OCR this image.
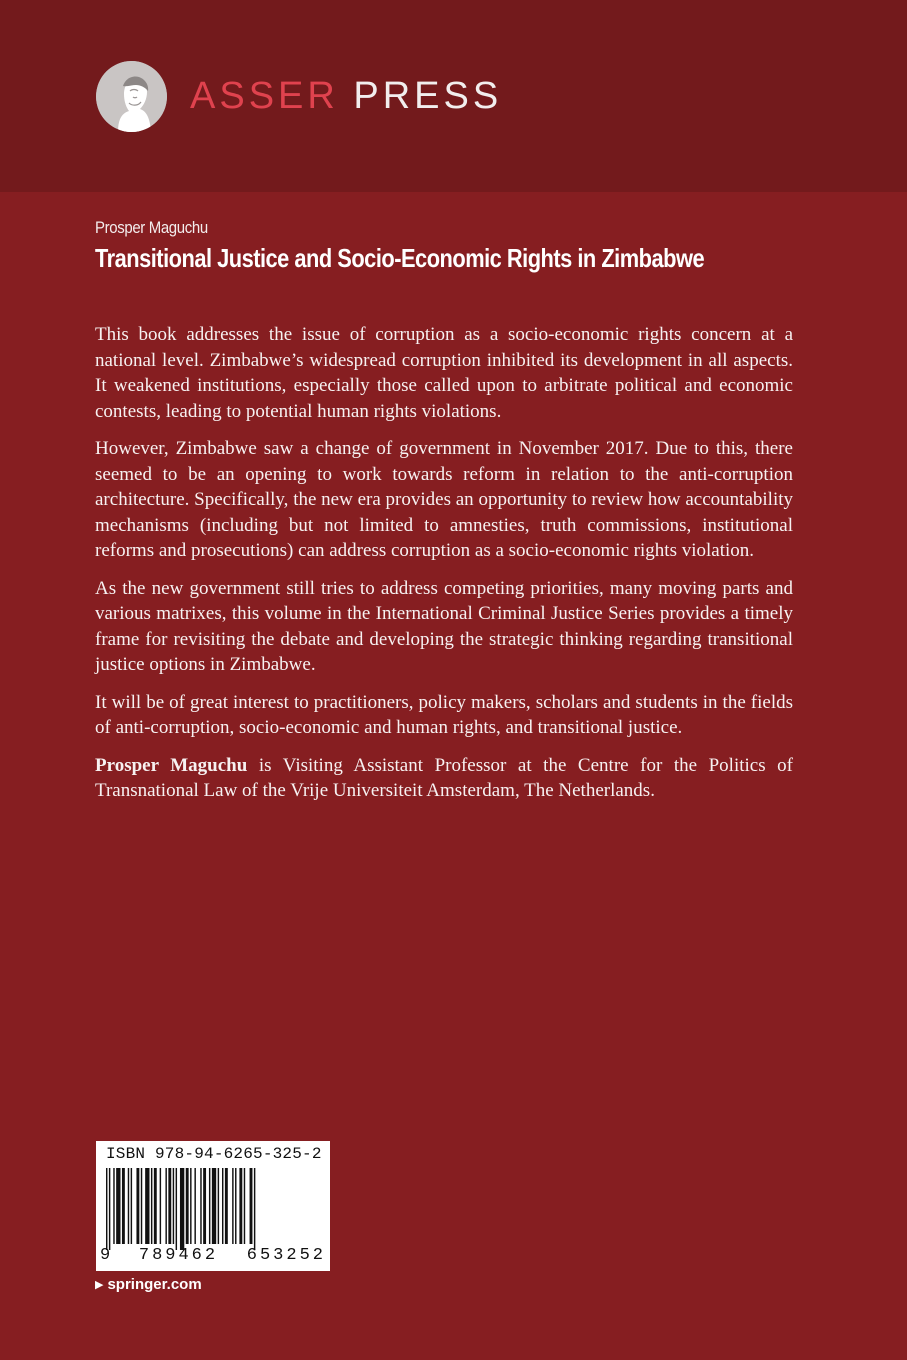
ASSER PRESS
Prosper Maguchu
Transitional Justice and Socio-Economic Rights in Zimbabwe

This book addresses the issue of corruption as a socio-economic rights concern at a national level. Zimbabwe’s widespread corruption inhibited its development in all aspects. It weakened institutions, especially those called upon to arbitrate political and economic contests, leading to potential human rights violations.

However, Zimbabwe saw a change of government in November 2017. Due to this, there seemed to be an opening to work towards reform in relation to the anti-corruption architecture. Specifically, the new era provides an opportunity to review how accountability mechanisms (including but not limited to amnesties, truth commissions, institutional reforms and prosecutions) can address corruption as a socio-economic rights violation.

As the new government still tries to address competing priorities, many moving parts and various matrixes, this volume in the International Criminal Justice Series provides a timely frame for revisiting the debate and developing the strategic thinking regarding transitional justice options in Zimbabwe.

It will be of great interest to practitioners, policy makers, scholars and students in the fields of anti-corruption, socio-economic and human rights, and transitional justice.

Prosper Maguchu is Visiting Assistant Professor at the Centre for the Politics of Transnational Law of the Vrije Universiteit Amsterdam, The Netherlands.

ISBN 978-94-6265-325-2
9 789462 653252
▶ springer.com
